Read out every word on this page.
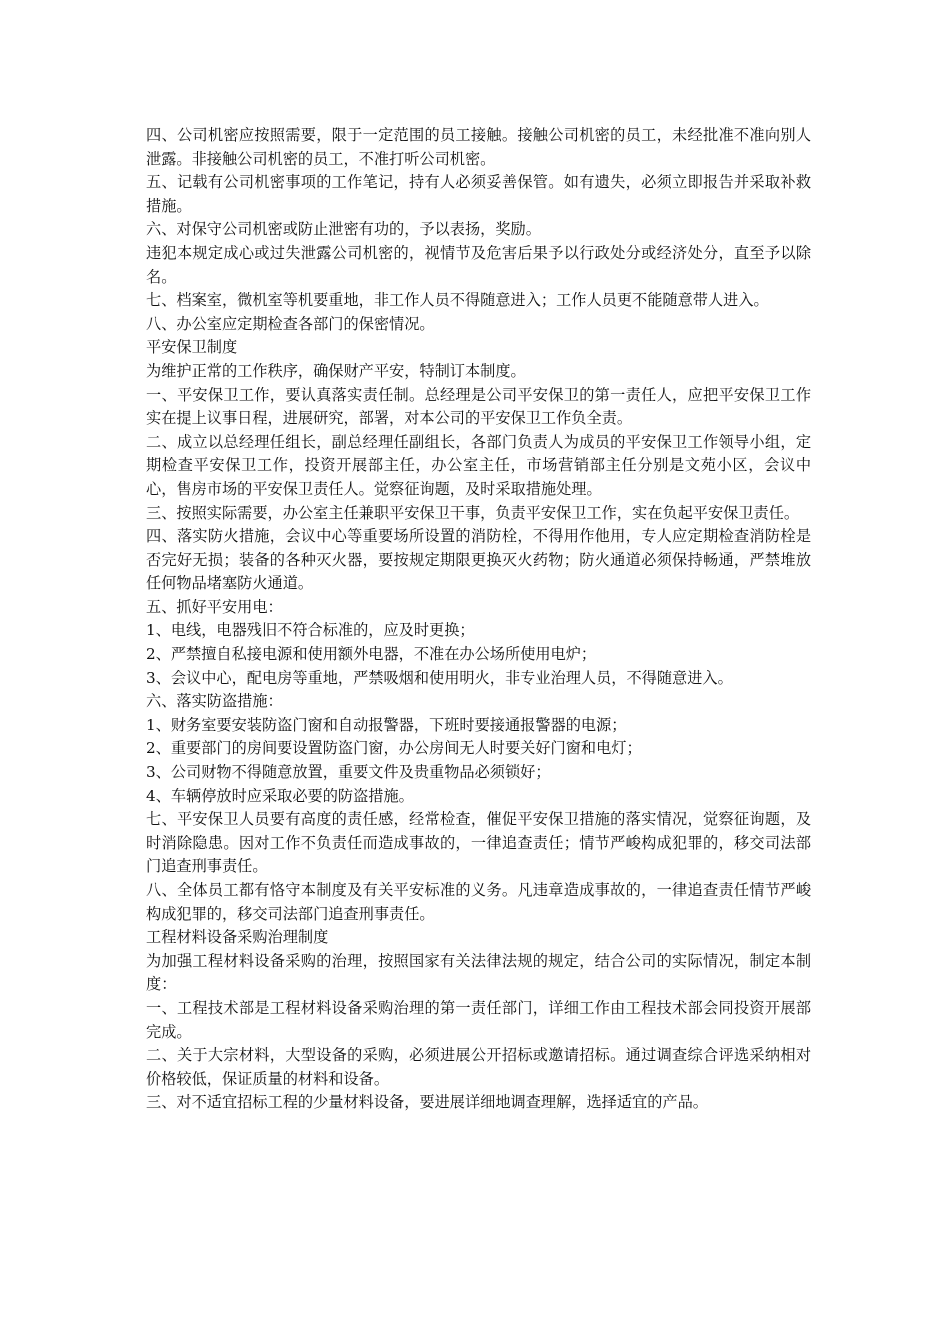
四、公司机密应按照需要，限于一定范围的员工接触。接触公司机密的员工，未经批准不准向别人泄露。非接触公司机密的员工，不准打听公司机密。

五、记载有公司机密事项的工作笔记，持有人必须妥善保管。如有遗失，必须立即报告并采取补救措施。

六、对保守公司机密或防止泄密有功的，予以表扬，奖励。

违犯本规定成心或过失泄露公司机密的，视情节及危害后果予以行政处分或经济处分，直至予以除名。

七、档案室，微机室等机要重地，非工作人员不得随意进入；工作人员更不能随意带人进入。

八、办公室应定期检查各部门的保密情况。

平安保卫制度

为维护正常的工作秩序，确保财产平安，特制订本制度。

一、平安保卫工作，要认真落实责任制。总经理是公司平安保卫的第一责任人，应把平安保卫工作实在提上议事日程，进展研究，部署，对本公司的平安保卫工作负全责。

二、成立以总经理任组长，副总经理任副组长，各部门负责人为成员的平安保卫工作领导小组，定期检查平安保卫工作，投资开展部主任，办公室主任，市场营销部主任分别是文苑小区，会议中心，售房市场的平安保卫责任人。觉察征询题，及时采取措施处理。

三、按照实际需要，办公室主任兼职平安保卫干事，负责平安保卫工作，实在负起平安保卫责任。

四、落实防火措施，会议中心等重要场所设置的消防栓，不得用作他用，专人应定期检查消防栓是否完好无损；装备的各种灭火器，要按规定期限更换灭火药物；防火通道必须保持畅通，严禁堆放任何物品堵塞防火通道。

五、抓好平安用电：

1、电线，电器残旧不符合标准的，应及时更换；

2、严禁擅自私接电源和使用额外电器，不准在办公场所使用电炉；

3、会议中心，配电房等重地，严禁吸烟和使用明火，非专业治理人员，不得随意进入。

六、落实防盗措施：

1、财务室要安装防盗门窗和自动报警器，下班时要接通报警器的电源；

2、重要部门的房间要设置防盗门窗，办公房间无人时要关好门窗和电灯；

3、公司财物不得随意放置，重要文件及贵重物品必须锁好；

4、车辆停放时应采取必要的防盗措施。

七、平安保卫人员要有高度的责任感，经常检查，催促平安保卫措施的落实情况，觉察征询题，及时消除隐患。因对工作不负责任而造成事故的，一律追查责任；情节严峻构成犯罪的，移交司法部门追查刑事责任。

八、全体员工都有恪守本制度及有关平安标准的义务。凡违章造成事故的，一律追查责任情节严峻构成犯罪的，移交司法部门追查刑事责任。

工程材料设备采购治理制度

为加强工程材料设备采购的治理，按照国家有关法律法规的规定，结合公司的实际情况，制定本制度：

一、工程技术部是工程材料设备采购治理的第一责任部门，详细工作由工程技术部会同投资开展部完成。

二、关于大宗材料，大型设备的采购，必须进展公开招标或邀请招标。通过调查综合评选采纳相对价格较低，保证质量的材料和设备。

三、对不适宜招标工程的少量材料设备，要进展详细地调查理解，选择适宜的产品。
